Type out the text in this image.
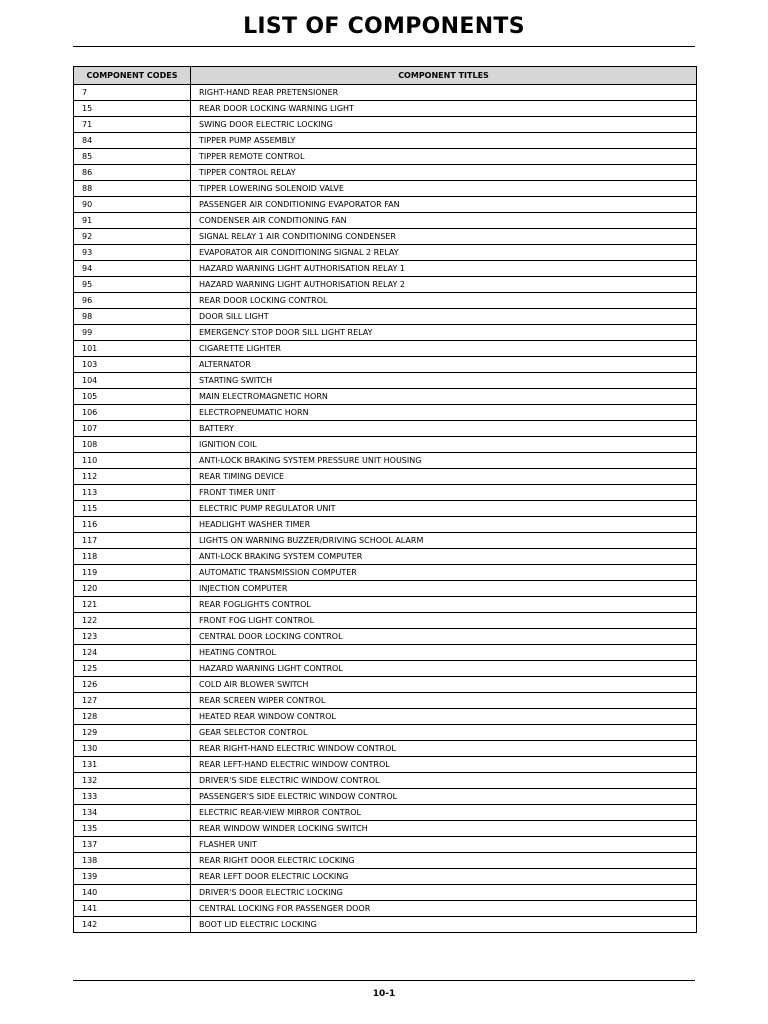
LIST OF COMPONENTS
COMPONENT CODES	COMPONENT TITLES
7	RIGHT-HAND REAR PRETENSIONER
15	REAR DOOR LOCKING WARNING LIGHT
71	SWING DOOR ELECTRIC LOCKING
84	TIPPER PUMP ASSEMBLY
85	TIPPER REMOTE CONTROL
86	TIPPER CONTROL RELAY
88	TIPPER LOWERING SOLENOID VALVE
90	PASSENGER AIR CONDITIONING EVAPORATOR FAN
91	CONDENSER AIR CONDITIONING FAN
92	SIGNAL RELAY 1 AIR CONDITIONING CONDENSER
93	EVAPORATOR AIR CONDITIONING SIGNAL 2 RELAY
94	HAZARD WARNING LIGHT AUTHORISATION RELAY 1
95	HAZARD WARNING LIGHT AUTHORISATION RELAY 2
96	REAR DOOR LOCKING CONTROL
98	DOOR SILL LIGHT
99	EMERGENCY STOP DOOR SILL LIGHT RELAY
101	CIGARETTE LIGHTER
103	ALTERNATOR
104	STARTING SWITCH
105	MAIN ELECTROMAGNETIC HORN
106	ELECTROPNEUMATIC HORN
107	BATTERY
108	IGNITION COIL
110	ANTI-LOCK BRAKING SYSTEM PRESSURE UNIT HOUSING
112	REAR TIMING DEVICE
113	FRONT TIMER UNIT
115	ELECTRIC PUMP REGULATOR UNIT
116	HEADLIGHT WASHER TIMER
117	LIGHTS ON WARNING BUZZER/DRIVING SCHOOL ALARM
118	ANTI-LOCK BRAKING SYSTEM COMPUTER
119	AUTOMATIC TRANSMISSION COMPUTER
120	INJECTION COMPUTER
121	REAR FOGLIGHTS CONTROL
122	FRONT FOG LIGHT CONTROL
123	CENTRAL DOOR LOCKING CONTROL
124	HEATING CONTROL
125	HAZARD WARNING LIGHT CONTROL
126	COLD AIR BLOWER SWITCH
127	REAR SCREEN WIPER CONTROL
128	HEATED REAR WINDOW CONTROL
129	GEAR SELECTOR CONTROL
130	REAR RIGHT-HAND ELECTRIC WINDOW CONTROL
131	REAR LEFT-HAND ELECTRIC WINDOW CONTROL
132	DRIVER'S SIDE ELECTRIC WINDOW CONTROL
133	PASSENGER'S SIDE ELECTRIC WINDOW CONTROL
134	ELECTRIC REAR-VIEW MIRROR CONTROL
135	REAR WINDOW WINDER LOCKING SWITCH
137	FLASHER UNIT
138	REAR RIGHT DOOR ELECTRIC LOCKING
139	REAR LEFT DOOR ELECTRIC LOCKING
140	DRIVER'S DOOR ELECTRIC LOCKING
141	CENTRAL LOCKING FOR PASSENGER DOOR
142	BOOT LID ELECTRIC LOCKING
10-1
